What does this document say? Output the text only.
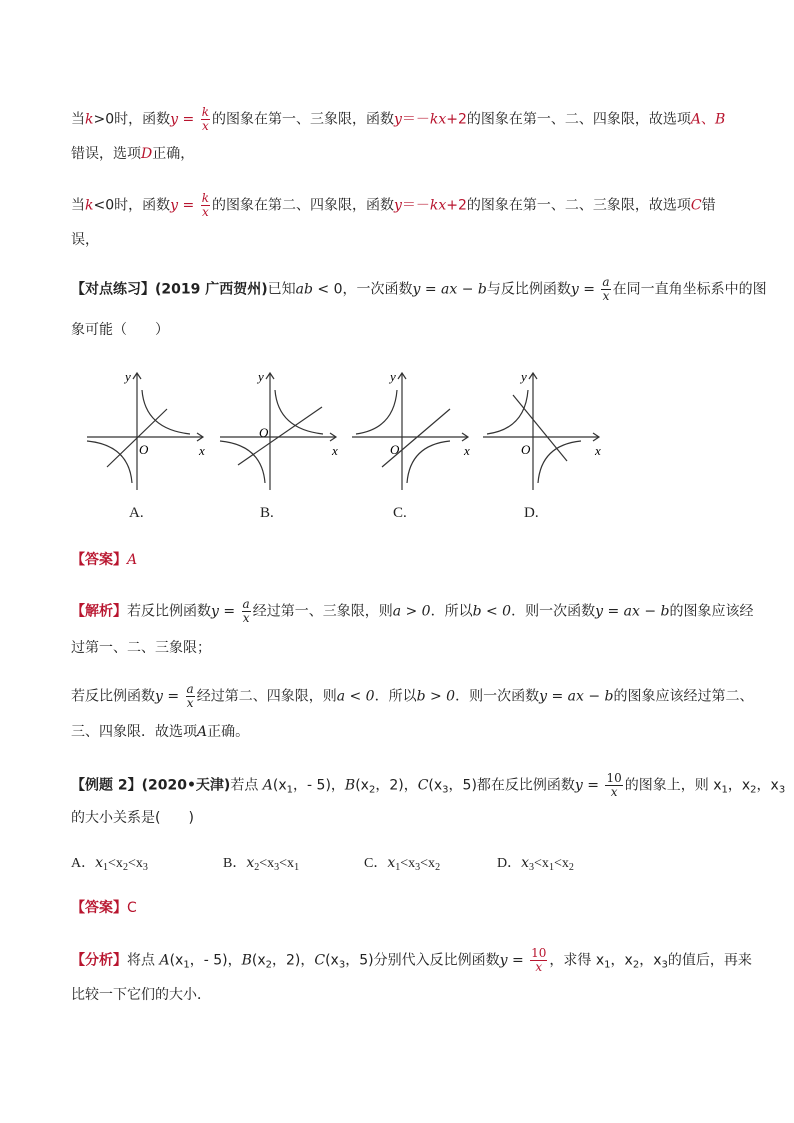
当k>0时，函数$y = \frac{k}{x}$ 的图象在第一、三象限，函数y＝－kx+2的图象在第一、二、四象限，故选项A、B
错误，选项D正确，
当k<0时，函数$y = \frac{k}{x}$ 的图象在第二、四象限，函数y＝－kx+2的图象在第一、二、三象限，故选项C错
误，
【对点练习】(2019 广西贺州)已知ab < 0，一次函数y = ax − b与反比例函数$y = \frac{a}{x}$ 在同一直角坐标系中的图
象可能（　　）
y
x
O
y
x
O
y
x
O
y
x
O
A.	B.	C.	D.
【答案】A
【解析】若反比例函数$y = \frac{a}{x}$ 经过第一、三象限，则a > 0．所以b < 0．则一次函数y = ax − b的图象应该经
过第一、二、三象限；
若反比例函数$y = \frac{a}{x}$ 经过第二、四象限，则a < 0．所以b > 0．则一次函数y = ax − b的图象应该经过第二、
三、四象限．故选项A正确。
【例题 2】(2020•天津)若点 $A(x_1$，- 5)，$B(x_2$，2)，$C(x_3$，5)都在反比例函数$y = \frac{10}{x}$ 的图象上，则 $x_1$，$x_2$，$x_3$
的大小关系是(　　)
A．$x_1<x_2<x_3$	B．$x_2<x_3<x_1$	C．$x_1<x_3<x_2$	D．$x_3<x_1<x_2$
【答案】C
【分析】将点 $A(x_1$，- 5)，$B(x_2$，2)，$C(x_3$，5)分别代入反比例函数$y = \frac{10}{x}$ ，求得 $x_1$，$x_2$，$x_3$的值后，再来
比较一下它们的大小．
